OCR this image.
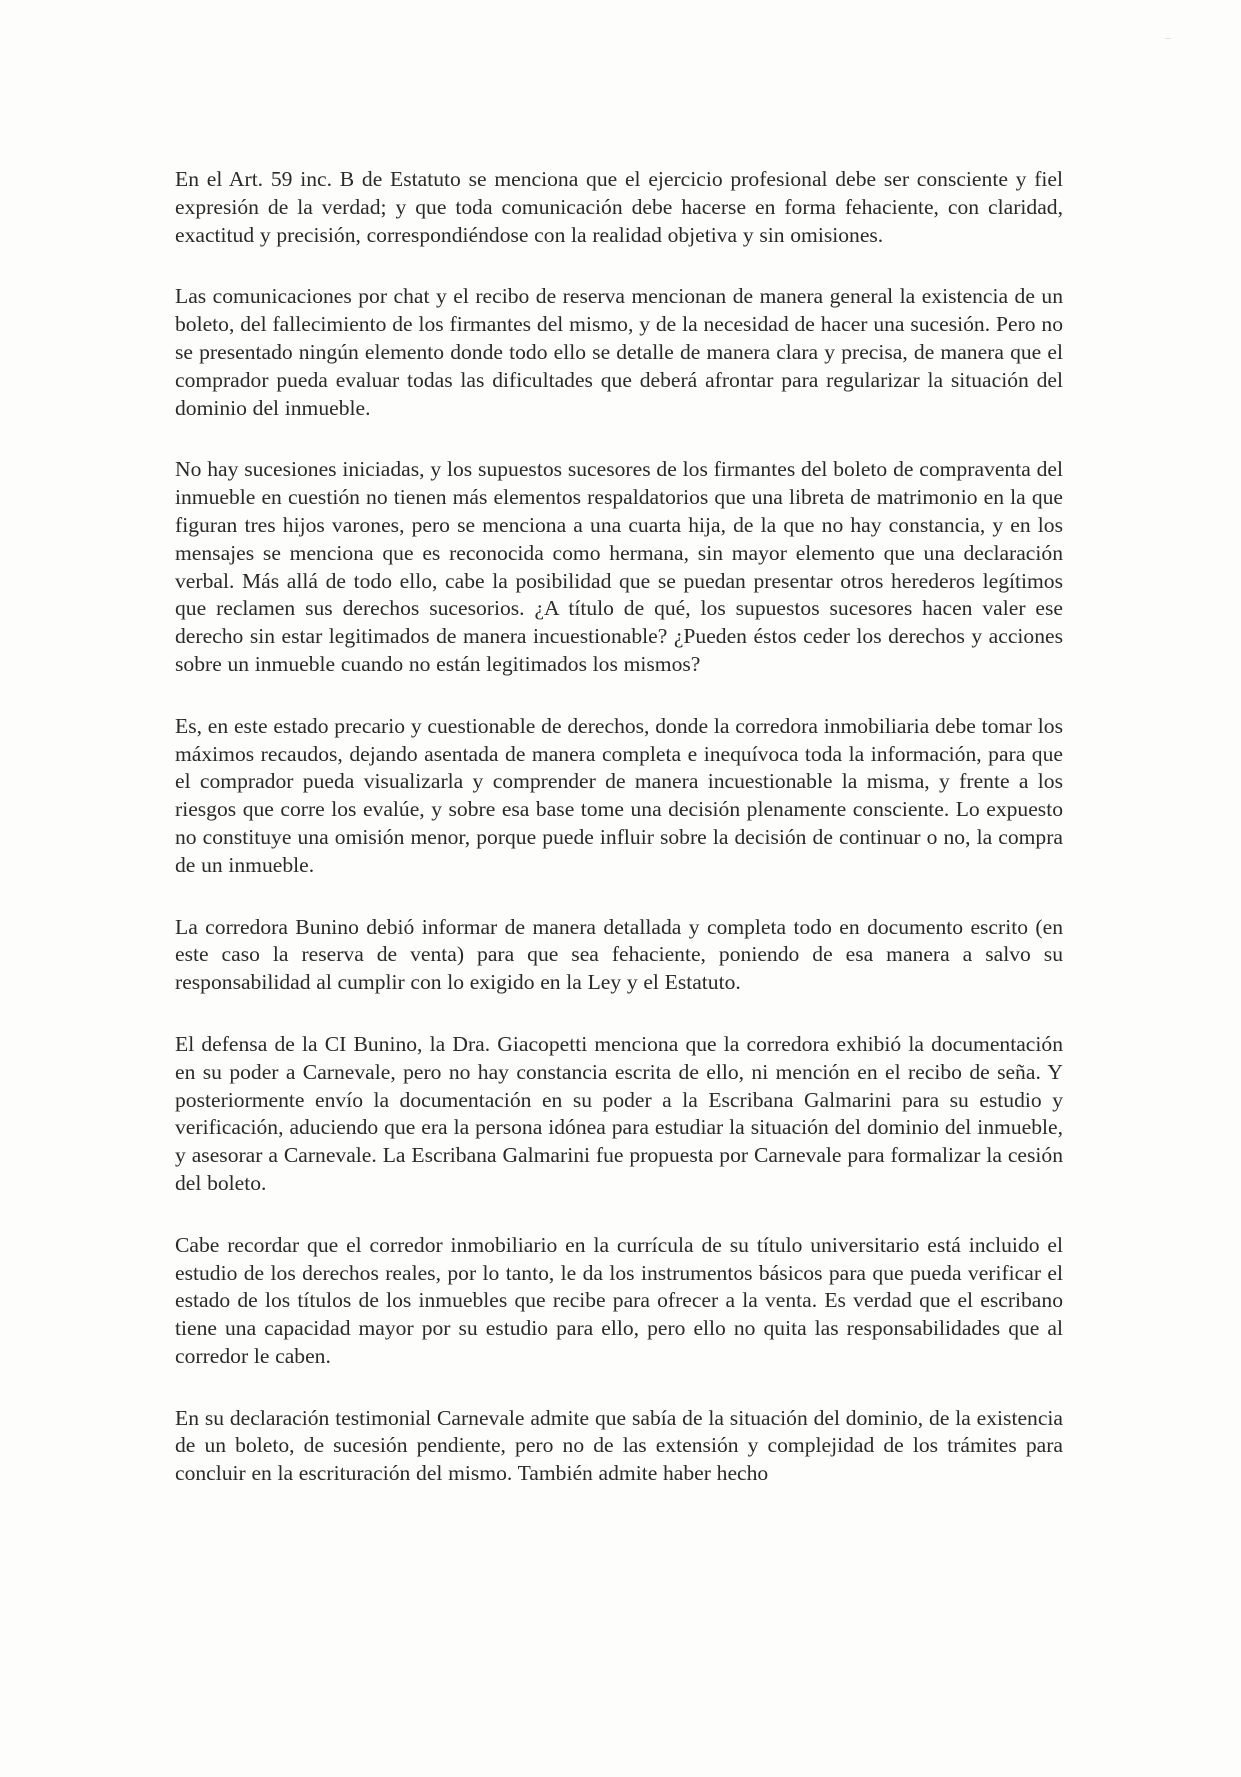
En el Art. 59 inc. B de Estatuto se menciona que el ejercicio profesional debe ser consciente y fiel expresión de la verdad; y que toda comunicación debe hacerse en forma fehaciente, con claridad, exactitud y precisión, correspondiéndose con la realidad objetiva y sin omisiones.

Las comunicaciones por chat y el recibo de reserva mencionan de manera general la existencia de un boleto, del fallecimiento de los firmantes del mismo, y de la necesidad de hacer una sucesión. Pero no se presentado ningún elemento donde todo ello se detalle de manera clara y precisa, de manera que el comprador pueda evaluar todas las dificultades que deberá afrontar para regularizar la situación del dominio del inmueble.

No hay sucesiones iniciadas, y los supuestos sucesores de los firmantes del boleto de compraventa del inmueble en cuestión no tienen más elementos respaldatorios que una libreta de matrimonio en la que figuran tres hijos varones, pero se menciona a una cuarta hija, de la que no hay constancia, y en los mensajes se menciona que es reconocida como hermana, sin mayor elemento que una declaración verbal. Más allá de todo ello, cabe la posibilidad que se puedan presentar otros herederos legítimos que reclamen sus derechos sucesorios. ¿A título de qué, los supuestos sucesores hacen valer ese derecho sin estar legitimados de manera incuestionable? ¿Pueden éstos ceder los derechos y acciones sobre un inmueble cuando no están legitimados los mismos?

Es, en este estado precario y cuestionable de derechos, donde la corredora inmobiliaria debe tomar los máximos recaudos, dejando asentada de manera completa e inequívoca toda la información, para que el comprador pueda visualizarla y comprender de manera incuestionable la misma, y frente a los riesgos que corre los evalúe, y sobre esa base tome una decisión plenamente consciente. Lo expuesto no constituye una omisión menor, porque puede influir sobre la decisión de continuar o no, la compra de un inmueble.

La corredora Bunino debió informar de manera detallada y completa todo en documento escrito (en este caso la reserva de venta) para que sea fehaciente, poniendo de esa manera a salvo su responsabilidad al cumplir con lo exigido en la Ley y el Estatuto.

El defensa de la CI Bunino, la Dra. Giacopetti menciona que la corredora exhibió la documentación en su poder a Carnevale, pero no hay constancia escrita de ello, ni mención en el recibo de seña. Y posteriormente envío la documentación en su poder a la Escribana Galmarini para su estudio y verificación, aduciendo que era la persona idónea para estudiar la situación del dominio del inmueble, y asesorar a Carnevale. La Escribana Galmarini fue propuesta por Carnevale para formalizar la cesión del boleto.

Cabe recordar que el corredor inmobiliario en la currícula de su título universitario está incluido el estudio de los derechos reales, por lo tanto, le da los instrumentos básicos para que pueda verificar el estado de los títulos de los inmuebles que recibe para ofrecer a la venta. Es verdad que el escribano tiene una capacidad mayor por su estudio para ello, pero ello no quita las responsabilidades que al corredor le caben.

En su declaración testimonial Carnevale admite que sabía de la situación del dominio, de la existencia de un boleto, de sucesión pendiente, pero no de las extensión y complejidad de los trámites para concluir en la escrituración del mismo. También admite haber hecho
